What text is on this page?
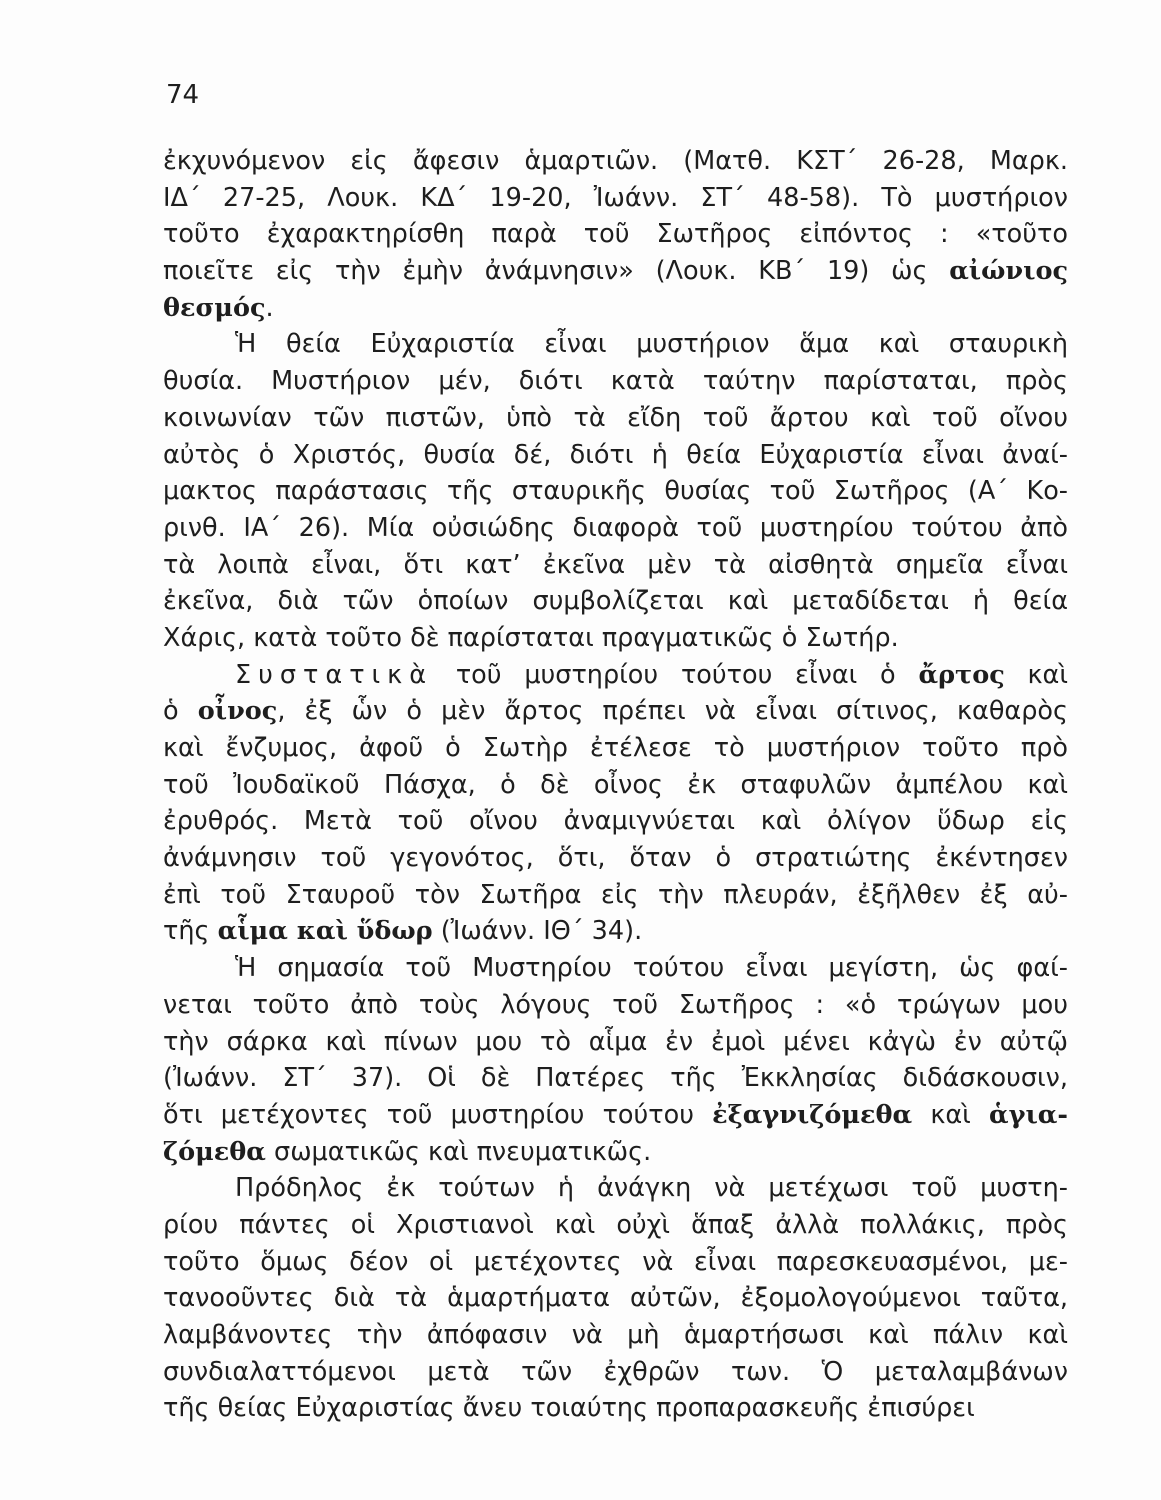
74
ἐκχυνόμενον εἰς ἄφεσιν ἁμαρτιῶν. (Ματθ. ΚΣΤ΄ 26-28, Μαρκ.
ΙΔ΄ 27-25, Λουκ. ΚΔ΄ 19-20, Ἰωάνν. ΣΤ΄ 48-58). Τὸ μυστήριον
τοῦτο ἐχαρακτηρίσθη παρὰ τοῦ Σωτῆρος εἰπόντος : «τοῦτο
ποιεῖτε εἰς τὴν ἐμὴν ἀνάμνησιν» (Λουκ. ΚΒ΄ 19) ὡς αἰώνιος
θεσμός.
Ἡ θεία Εὐχαριστία εἶναι μυστήριον ἅμα καὶ σταυρικὴ
θυσία. Μυστήριον μέν, διότι κατὰ ταύτην παρίσταται, πρὸς
κοινωνίαν τῶν πιστῶν, ὑπὸ τὰ εἴδη τοῦ ἄρτου καὶ τοῦ οἴνου
αὐτὸς ὁ Χριστός, θυσία δέ, διότι ἡ θεία Εὐχαριστία εἶναι ἀναί-
μακτος παράστασις τῆς σταυρικῆς θυσίας τοῦ Σωτῆρος (Α΄ Κο-
ρινθ. ΙΑ΄ 26). Μία οὐσιώδης διαφορὰ τοῦ μυστηρίου τούτου ἀπὸ
τὰ λοιπὰ εἶναι, ὅτι κατ’ ἐκεῖνα μὲν τὰ αἰσθητὰ σημεῖα εἶναι
ἐκεῖνα, διὰ τῶν ὁποίων συμβολίζεται καὶ μεταδίδεται ἡ θεία
Χάρις, κατὰ τοῦτο δὲ παρίσταται πραγματικῶς ὁ Σωτήρ.
Συστατικὰ τοῦ μυστηρίου τούτου εἶναι ὁ ἄρτος καὶ
ὁ οἶνος, ἐξ ὧν ὁ μὲν ἄρτος πρέπει νὰ εἶναι σίτινος, καθαρὸς
καὶ ἔνζυμος, ἀφοῦ ὁ Σωτὴρ ἐτέλεσε τὸ μυστήριον τοῦτο πρὸ
τοῦ Ἰουδαϊκοῦ Πάσχα, ὁ δὲ οἶνος ἐκ σταφυλῶν ἀμπέλου καὶ
ἐρυθρός. Μετὰ τοῦ οἴνου ἀναμιγνύεται καὶ ὀλίγον ὕδωρ εἰς
ἀνάμνησιν τοῦ γεγονότος, ὅτι, ὅταν ὁ στρατιώτης ἐκέντησεν
ἐπὶ τοῦ Σταυροῦ τὸν Σωτῆρα εἰς τὴν πλευράν, ἐξῆλθεν ἐξ αὐ-
τῆς αἷμα καὶ ὕδωρ (Ἰωάνν. ΙΘ΄ 34).
Ἡ σημασία τοῦ Μυστηρίου τούτου εἶναι μεγίστη, ὡς φαί-
νεται τοῦτο ἀπὸ τοὺς λόγους τοῦ Σωτῆρος : «ὁ τρώγων μου
τὴν σάρκα καὶ πίνων μου τὸ αἷμα ἐν ἐμοὶ μένει κἀγὼ ἐν αὐτῷ
(Ἰωάνν. ΣΤ΄ 37). Οἱ δὲ Πατέρες τῆς Ἐκκλησίας διδάσκουσιν,
ὅτι μετέχοντες τοῦ μυστηρίου τούτου ἐξαγνιζόμεθα καὶ ἁγια-
ζόμεθα σωματικῶς καὶ πνευματικῶς.
Πρόδηλος ἐκ τούτων ἡ ἀνάγκη νὰ μετέχωσι τοῦ μυστη-
ρίου πάντες οἱ Χριστιανοὶ καὶ οὐχὶ ἅπαξ ἀλλὰ πολλάκις, πρὸς
τοῦτο ὅμως δέον οἱ μετέχοντες νὰ εἶναι παρεσκευασμένοι, με-
τανοοῦντες διὰ τὰ ἁμαρτήματα αὐτῶν, ἐξομολογούμενοι ταῦτα,
λαμβάνοντες τὴν ἀπόφασιν νὰ μὴ ἁμαρτήσωσι καὶ πάλιν καὶ
συνδιαλαττόμενοι μετὰ τῶν ἐχθρῶν των. Ὁ μεταλαμβάνων
τῆς θείας Εὐχαριστίας ἄνευ τοιαύτης προπαρασκευῆς ἐπισύρει
